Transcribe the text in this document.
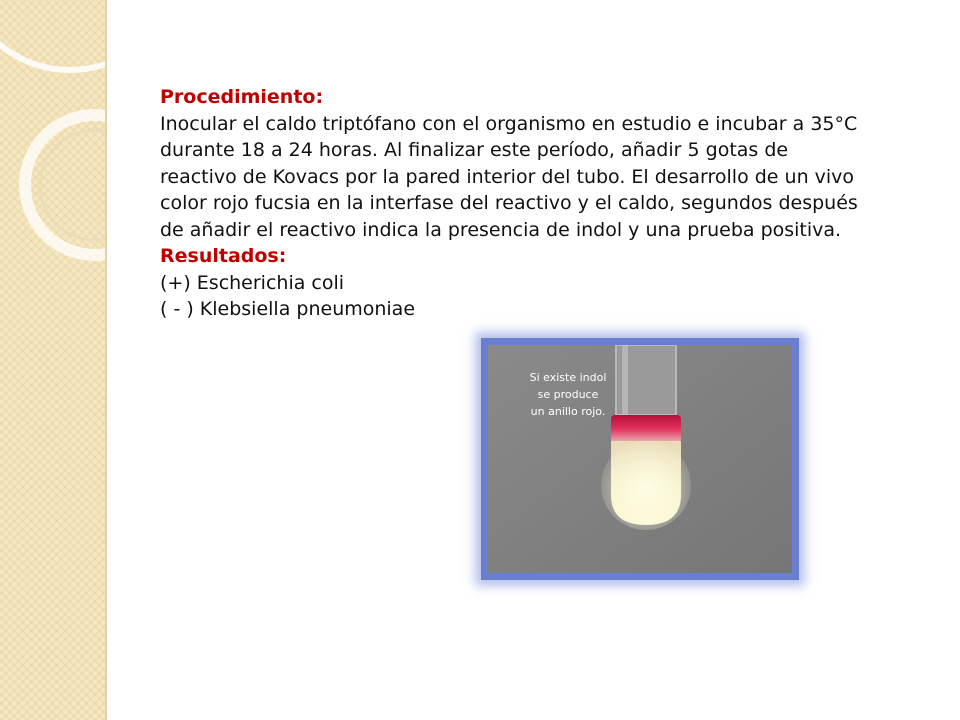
Procedimiento:

Inocular el caldo triptófano con el organismo en estudio e incubar a 35°C durante 18 a 24 horas. Al finalizar este período, añadir 5 gotas de reactivo de Kovacs por la pared interior del tubo. El desarrollo de un vivo color rojo fucsia en la interfase del reactivo y el caldo, segundos después de añadir el reactivo indica la presencia de indol y una prueba positiva.

Resultados:

(+) Escherichia coli

( - ) Klebsiella pneumoniae

Si existe indol
se produce
un anillo rojo.
